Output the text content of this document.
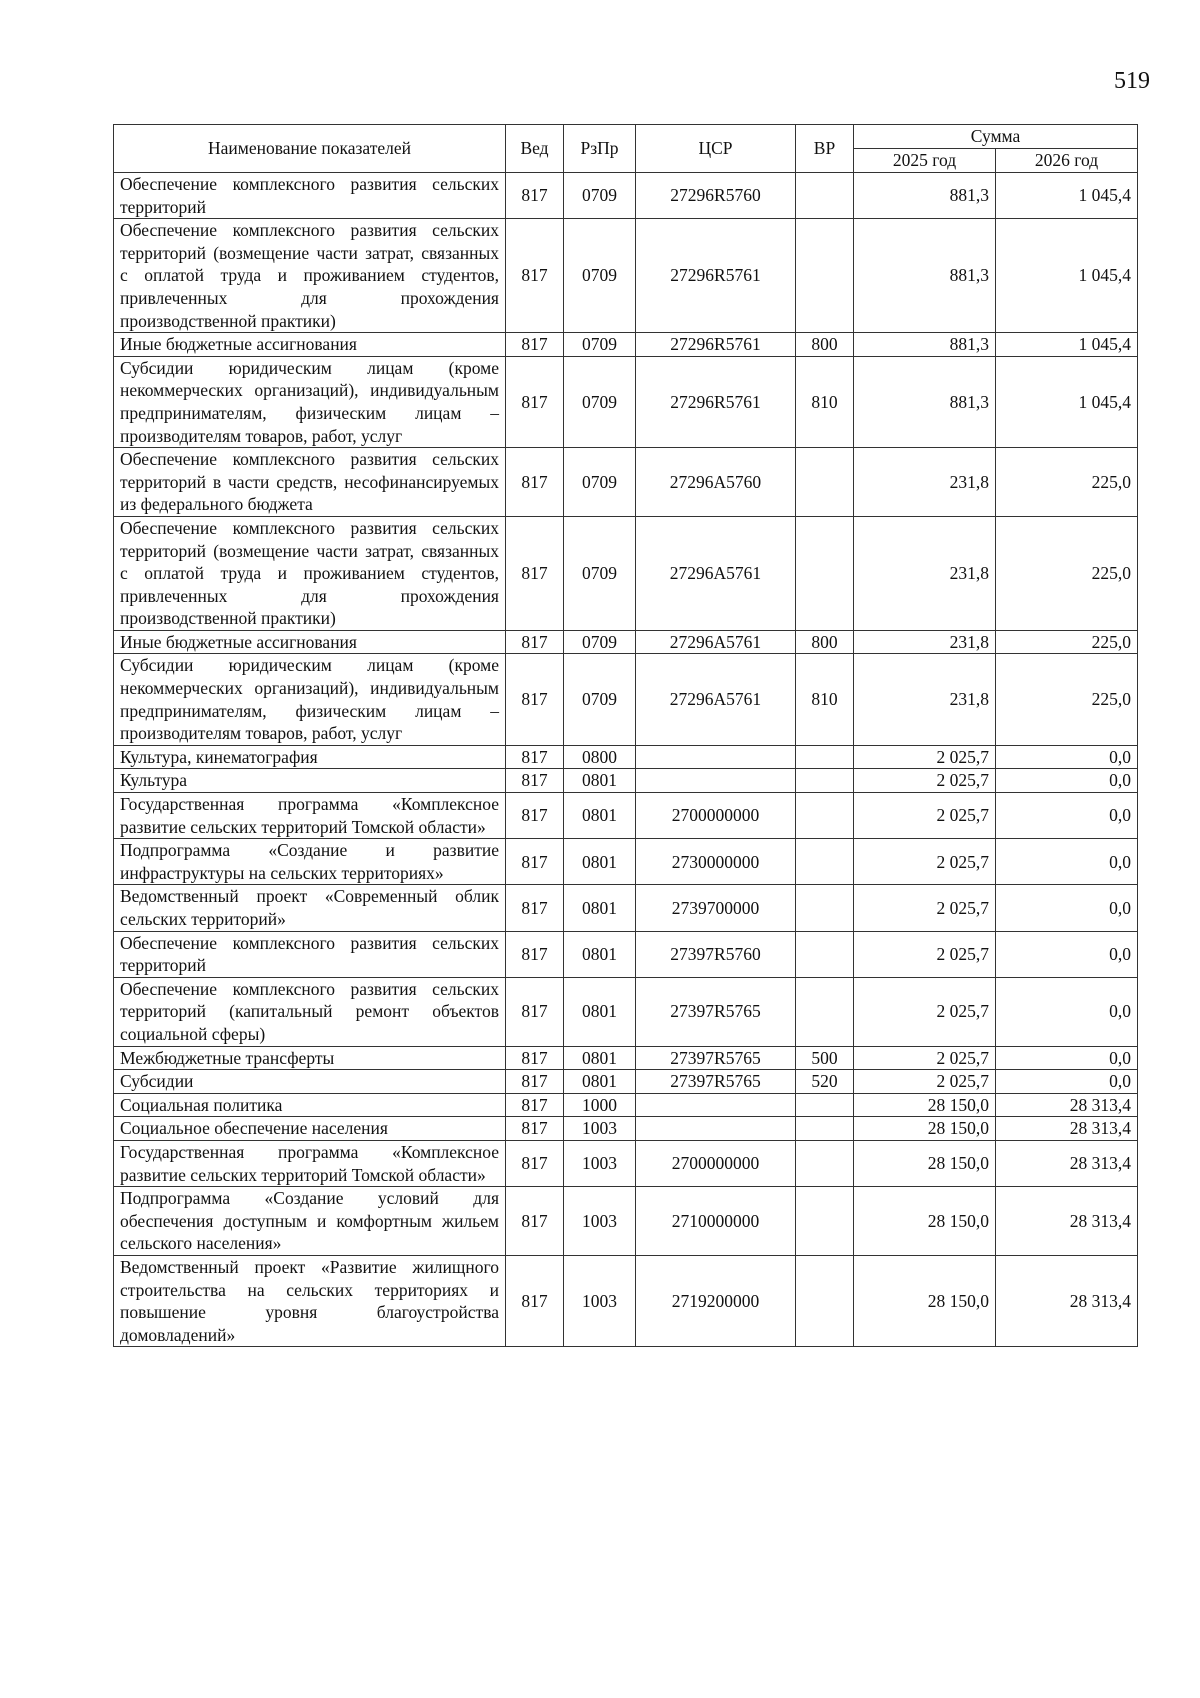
519
Наименование показателей	Вед	РзПр	ЦСР	ВР	Сумма	
					2025 год	2026 год
Обеспечение комплексного развития сельских территорий	817	0709	27296R5760		881,3	1 045,4
Обеспечение комплексного развития сельских территорий (возмещение части затрат, связанных с оплатой труда и проживанием студентов, привлеченных для прохождения производственной практики)	817	0709	27296R5761		881,3	1 045,4
Иные бюджетные ассигнования	817	0709	27296R5761	800	881,3	1 045,4
Субсидии юридическим лицам (кроме некоммерческих организаций), индивидуальным предпринимателям, физическим лицам – производителям товаров, работ, услуг	817	0709	27296R5761	810	881,3	1 045,4
Обеспечение комплексного развития сельских территорий в части средств, несофинансируемых из федерального бюджета	817	0709	27296A5760		231,8	225,0
Обеспечение комплексного развития сельских территорий (возмещение части затрат, связанных с оплатой труда и проживанием студентов, привлеченных для прохождения производственной практики)	817	0709	27296A5761		231,8	225,0
Иные бюджетные ассигнования	817	0709	27296A5761	800	231,8	225,0
Субсидии юридическим лицам (кроме некоммерческих организаций), индивидуальным предпринимателям, физическим лицам – производителям товаров, работ, услуг	817	0709	27296A5761	810	231,8	225,0
Культура, кинематография	817	0800			2 025,7	0,0
Культура	817	0801			2 025,7	0,0
Государственная программа «Комплексное развитие сельских территорий Томской области»	817	0801	2700000000		2 025,7	0,0
Подпрограмма «Создание и развитие инфраструктуры на сельских территориях»	817	0801	2730000000		2 025,7	0,0
Ведомственный проект «Современный облик сельских территорий»	817	0801	2739700000		2 025,7	0,0
Обеспечение комплексного развития сельских территорий	817	0801	27397R5760		2 025,7	0,0
Обеспечение комплексного развития сельских территорий (капитальный ремонт объектов социальной сферы)	817	0801	27397R5765		2 025,7	0,0
Межбюджетные трансферты	817	0801	27397R5765	500	2 025,7	0,0
Субсидии	817	0801	27397R5765	520	2 025,7	0,0
Социальная политика	817	1000			28 150,0	28 313,4
Социальное обеспечение населения	817	1003			28 150,0	28 313,4
Государственная программа «Комплексное развитие сельских территорий Томской области»	817	1003	2700000000		28 150,0	28 313,4
Подпрограмма «Создание условий для обеспечения доступным и комфортным жильем сельского населения»	817	1003	2710000000		28 150,0	28 313,4
Ведомственный проект «Развитие жилищного строительства на сельских территориях и повышение уровня благоустройства домовладений»	817	1003	2719200000		28 150,0	28 313,4
